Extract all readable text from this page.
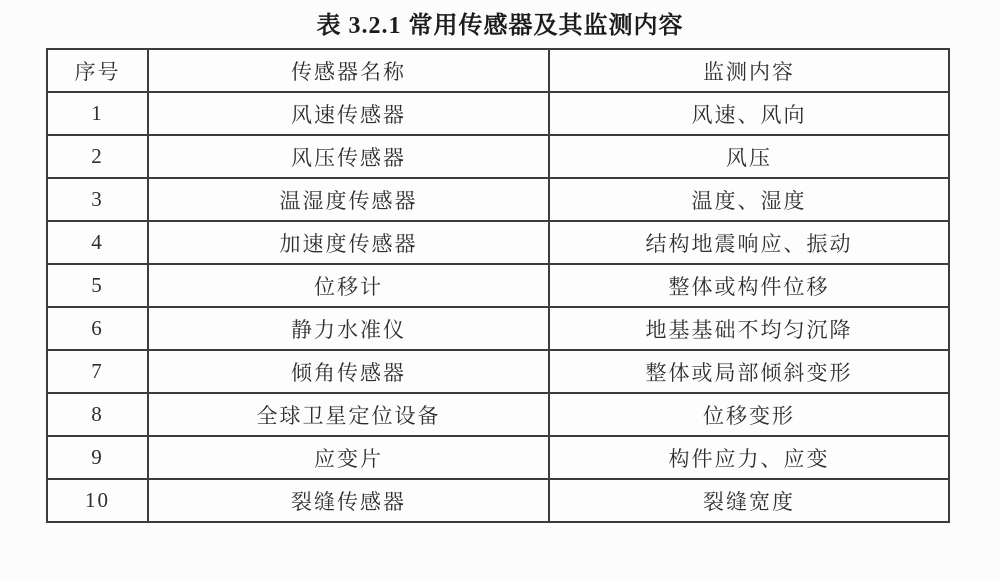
表 3.2.1 常用传感器及其监测内容
序号	传感器名称	监测内容
1	风速传感器	风速、风向
2	风压传感器	风压
3	温湿度传感器	温度、湿度
4	加速度传感器	结构地震响应、振动
5	位移计	整体或构件位移
6	静力水准仪	地基基础不均匀沉降
7	倾角传感器	整体或局部倾斜变形
8	全球卫星定位设备	位移变形
9	应变片	构件应力、应变
10	裂缝传感器	裂缝宽度
